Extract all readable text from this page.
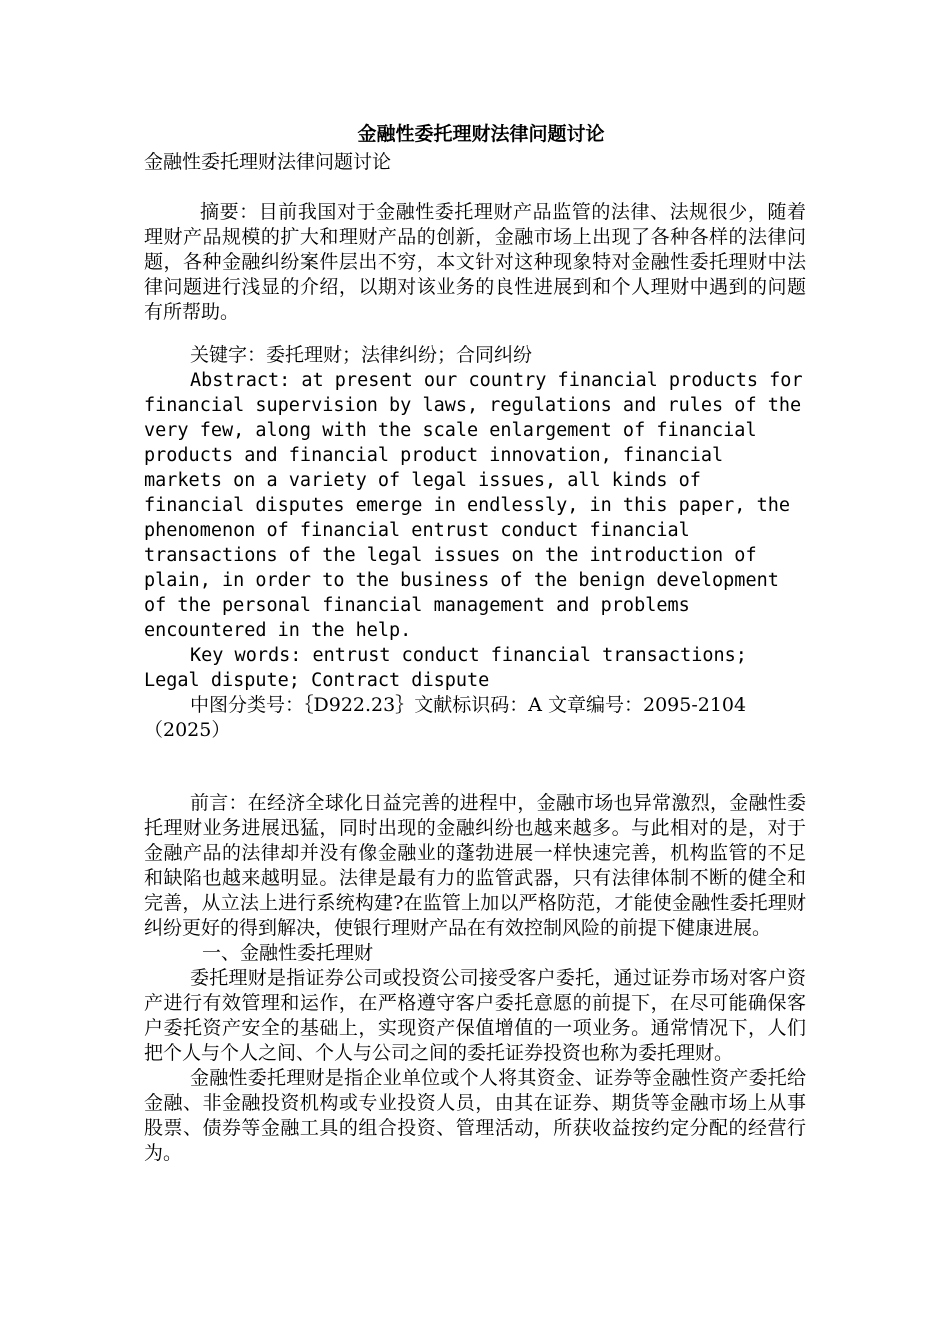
金融性委托理财法律问题讨论

金融性委托理财法律问题讨论

摘要：目前我国对于金融性委托理财产品监管的法律、法规很少，随着理财产品规模的扩大和理财产品的创新，金融市场上出现了各种各样的法律问题，各种金融纠纷案件层出不穷，本文针对这种现象特对金融性委托理财中法律问题进行浅显的介绍，以期对该业务的良性进展到和个人理财中遇到的问题有所帮助。

关键字：委托理财；法律纠纷；合同纠纷

Abstract: at present our country financial products for financial supervision by laws, regulations and rules of the very few, along with the scale enlargement of financial products and financial product innovation, financial markets on a variety of legal issues, all kinds of financial disputes emerge in endlessly, in this paper, the phenomenon of financial entrust conduct financial transactions of the legal issues on the introduction of plain, in order to the business of the benign development of the personal financial management and problems encountered in the help.

Key words: entrust conduct financial transactions; Legal dispute; Contract dispute

中图分类号：｛D922.23｝文献标识码：A 文章编号：2095-2104（2025）

前言：在经济全球化日益完善的进程中，金融市场也异常激烈，金融性委托理财业务进展迅猛，同时出现的金融纠纷也越来越多。与此相对的是，对于金融产品的法律却并没有像金融业的蓬勃进展一样快速完善，机构监管的不足和缺陷也越来越明显。法律是最有力的监管武器，只有法律体制不断的健全和完善，从立法上进行系统构建?在监管上加以严格防范，才能使金融性委托理财纠纷更好的得到解决，使银行理财产品在有效控制风险的前提下健康进展。

一、金融性委托理财

委托理财是指证券公司或投资公司接受客户委托，通过证券市场对客户资产进行有效管理和运作，在严格遵守客户委托意愿的前提下，在尽可能确保客户委托资产安全的基础上，实现资产保值增值的一项业务。通常情况下，人们把个人与个人之间、个人与公司之间的委托证券投资也称为委托理财。

金融性委托理财是指企业单位或个人将其资金、证券等金融性资产委托给金融、非金融投资机构或专业投资人员，由其在证券、期货等金融市场上从事股票、债券等金融工具的组合投资、管理活动，所获收益按约定分配的经营行为。
